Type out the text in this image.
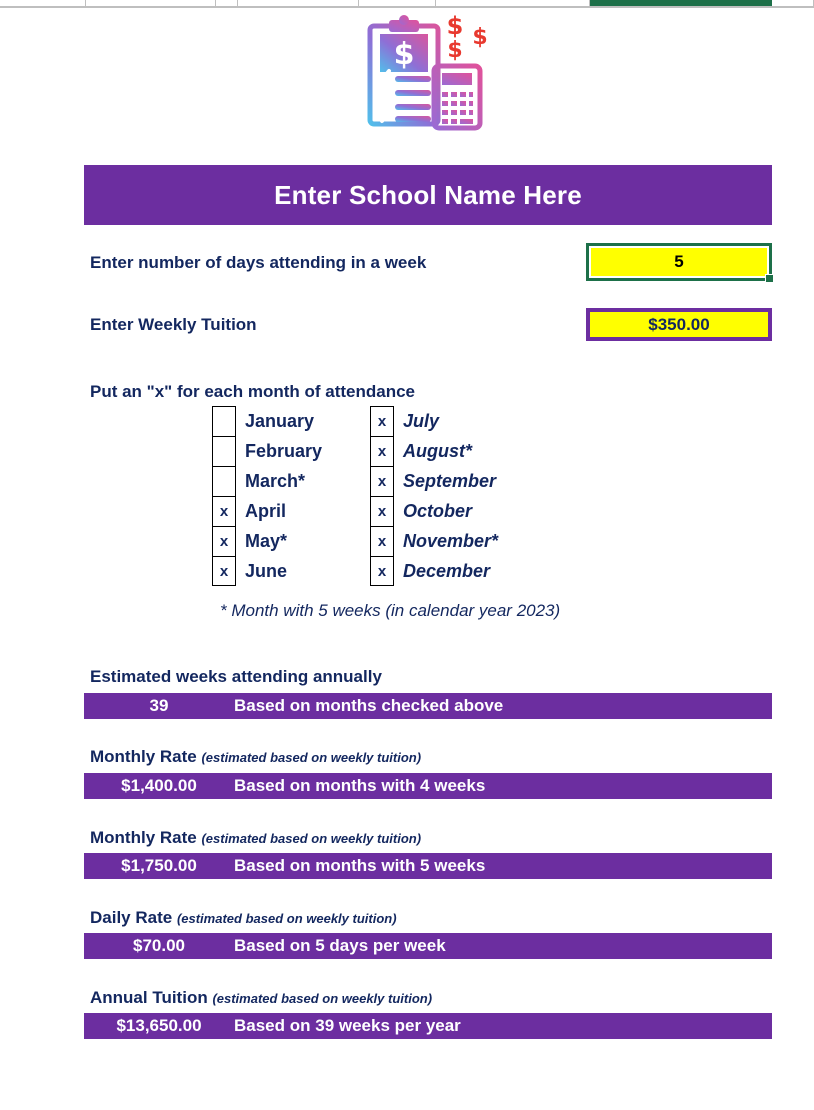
$
$ $
$
Enter School Name Here
Enter number of days attending in a week	5
Enter Weekly Tuition	$350.00
Put an "x" for each month of attendance
January
February
March*
x April
x May*
x June
x July
x August*
x September
x October
x November*
x December
* Month with 5 weeks (in calendar year 2023)
Estimated weeks attending annually
39	Based on months checked above
Monthly Rate (estimated based on weekly tuition)
$1,400.00	Based on months with 4 weeks
Monthly Rate (estimated based on weekly tuition)
$1,750.00	Based on months with 5 weeks
Daily Rate (estimated based on weekly tuition)
$70.00	Based on 5 days per week
Annual Tuition (estimated based on weekly tuition)
$13,650.00	Based on 39 weeks per year
